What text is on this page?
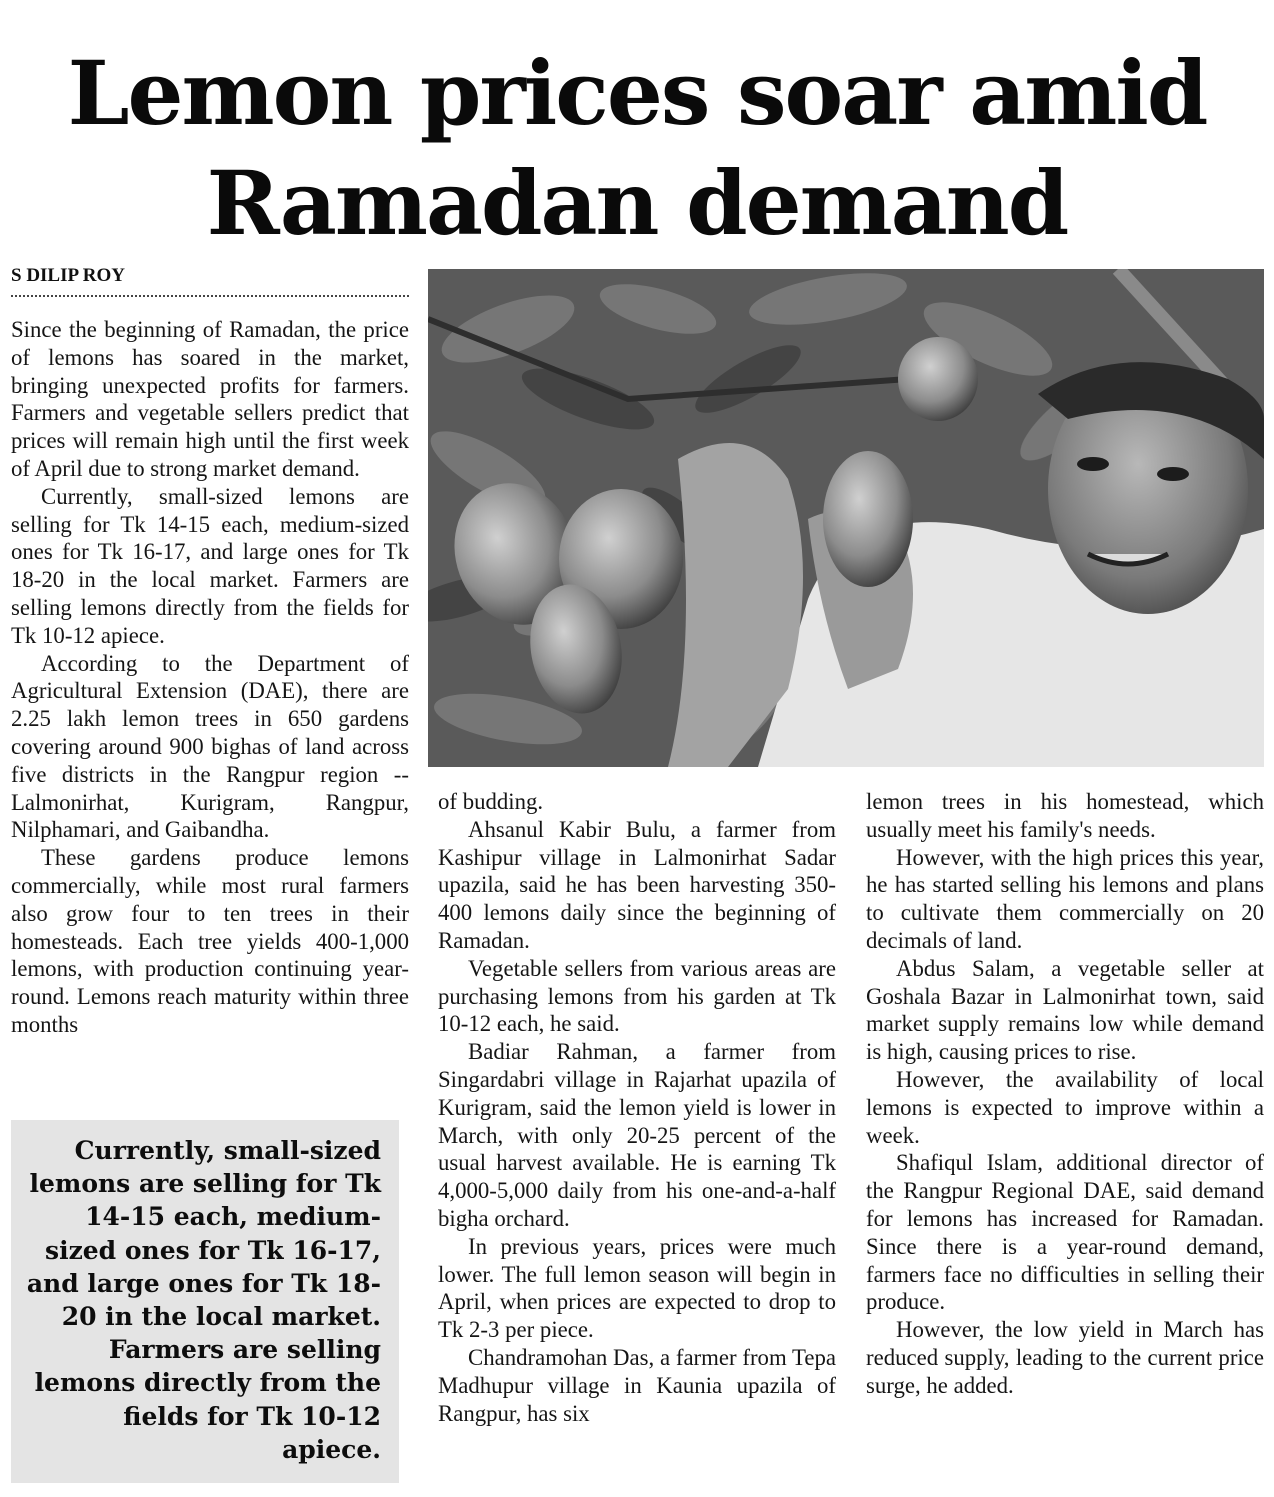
Lemon prices soar amid
Ramadan demand
S DILIP ROY

Since the beginning of Ramadan, the price of lemons has soared in the market, bringing unexpected profits for farmers. Farmers and vegetable sellers predict that prices will remain high until the first week of April due to strong market demand.

Currently, small-sized lemons are selling for Tk 14-15 each, medium-sized ones for Tk 16-17, and large ones for Tk 18-20 in the local market. Farmers are selling lemons directly from the fields for Tk 10-12 apiece.

According to the Department of Agricultural Extension (DAE), there are 2.25 lakh lemon trees in 650 gardens covering around 900 bighas of land across five districts in the Rangpur region -- Lalmonirhat, Kurigram, Rangpur, Nilphamari, and Gaibandha.

These gardens produce lemons commercially, while most rural farmers also grow four to ten trees in their homesteads. Each tree yields 400-1,000 lemons, with production continuing year-round. Lemons reach maturity within three months

of budding.

Ahsanul Kabir Bulu, a farmer from Kashipur village in Lalmonirhat Sadar upazila, said he has been harvesting 350-400 lemons daily since the beginning of Ramadan.

Vegetable sellers from various areas are purchasing lemons from his garden at Tk 10-12 each, he said.

Badiar Rahman, a farmer from Singardabri village in Rajarhat upazila of Kurigram, said the lemon yield is lower in March, with only 20-25 percent of the usual harvest available. He is earning Tk 4,000-5,000 daily from his one-and-a-half bigha orchard.

In previous years, prices were much lower. The full lemon season will begin in April, when prices are expected to drop to Tk 2-3 per piece.

Chandramohan Das, a farmer from Tepa Madhupur village in Kaunia upazila of Rangpur, has six

lemon trees in his homestead, which usually meet his family's needs.

However, with the high prices this year, he has started selling his lemons and plans to cultivate them commercially on 20 decimals of land.

Abdus Salam, a vegetable seller at Goshala Bazar in Lalmonirhat town, said market supply remains low while demand is high, causing prices to rise.

However, the availability of local lemons is expected to improve within a week.

Shafiqul Islam, additional director of the Rangpur Regional DAE, said demand for lemons has increased for Ramadan. Since there is a year-round demand, farmers face no difficulties in selling their produce.

However, the low yield in March has reduced supply, leading to the current price surge, he added.

Currently, small-sized lemons are selling for Tk 14-15 each, medium-sized ones for Tk 16-17, and large ones for Tk 18-20 in the local market. Farmers are selling lemons directly from the fields for Tk 10-12 apiece.
